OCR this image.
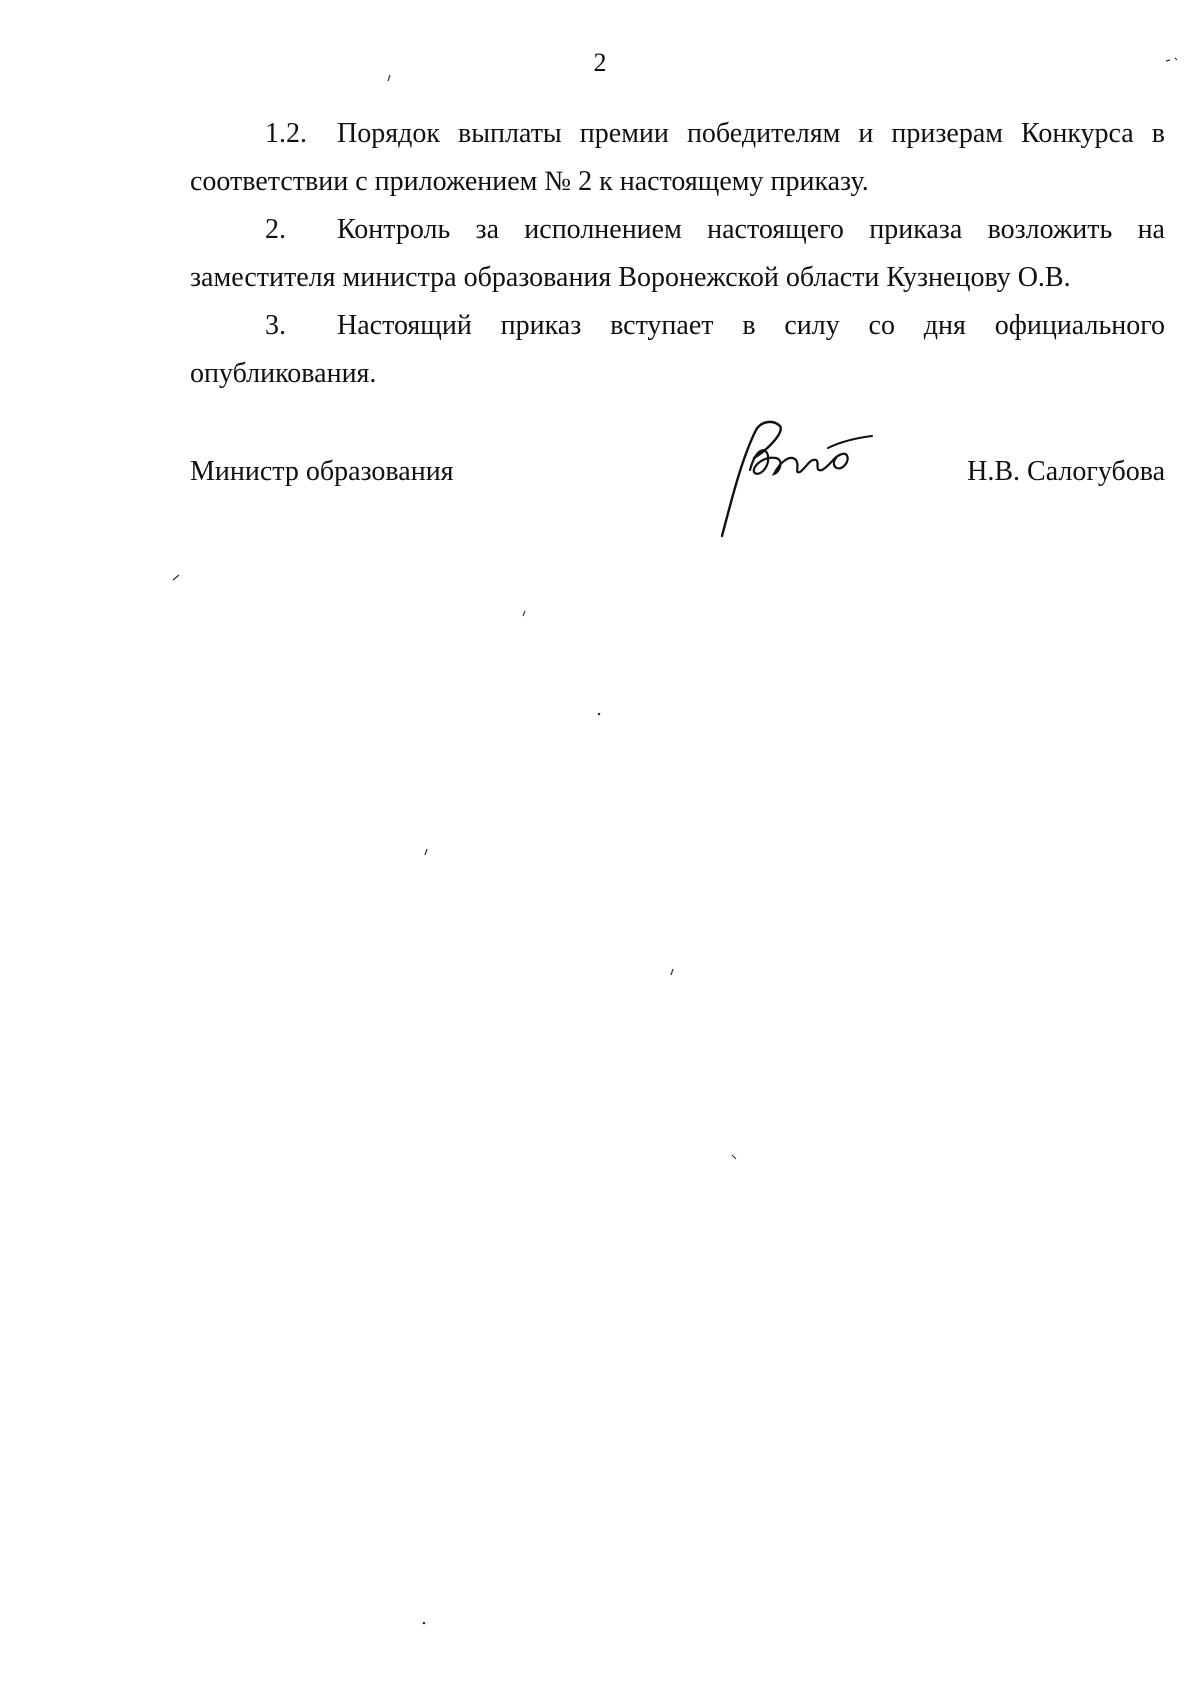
2

1.2. Порядок выплаты премии победителям и призерам Конкурса в
соответствии с приложением № 2 к настоящему приказу.

2. Контроль за исполнением настоящего приказа возложить на
заместителя министра образования Воронежской области Кузнецову О.В.

3. Настоящий приказ вступает в силу со дня официального
опубликования.

Министр образования	Н.В. Салогубова
